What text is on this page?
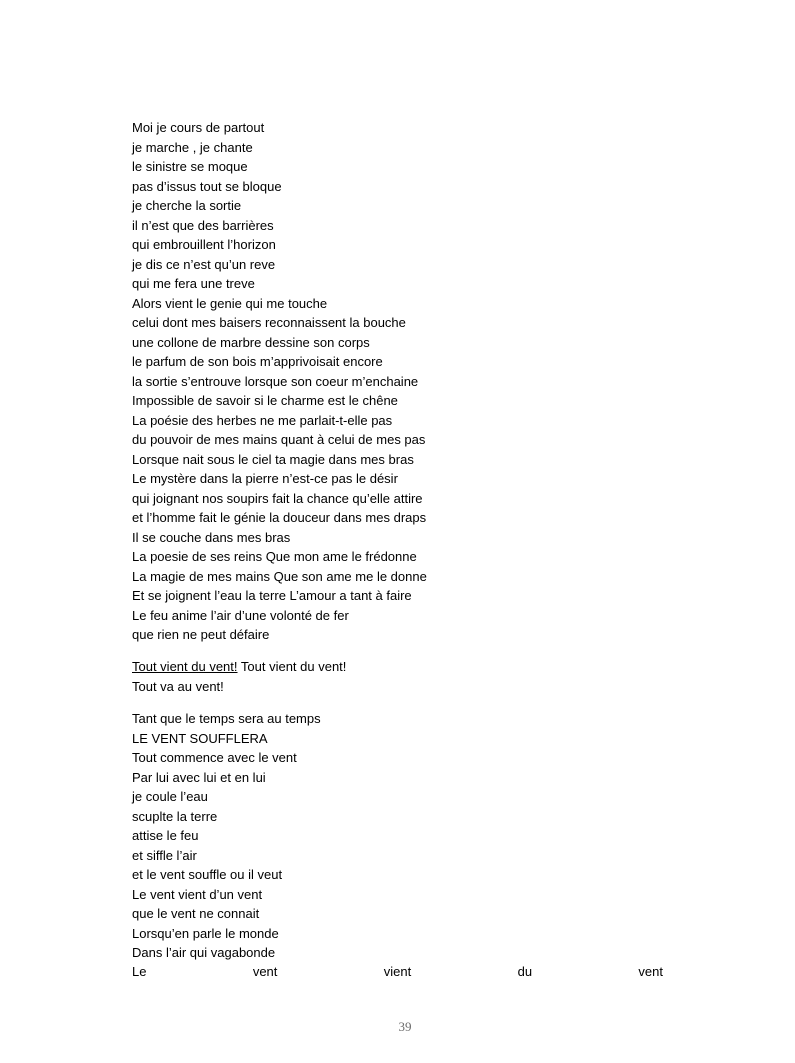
Moi je cours de partout
je marche , je chante
le sinistre se moque
pas d’issus tout se bloque
je cherche la sortie
il n’est que des barrières
qui embrouillent l’horizon
je dis ce n’est qu’un reve
qui me fera une treve
Alors vient le genie qui me touche
celui dont mes baisers reconnaissent la bouche
une collone de marbre dessine son corps
le parfum de son bois m’apprivoisait encore
la sortie s’entrouve lorsque son coeur m’enchaine
Impossible de savoir si le charme est le chêne
La poésie des herbes ne me parlait-t-elle pas
du pouvoir de mes mains quant à celui de mes pas
Lorsque nait sous le ciel ta magie dans mes bras
Le mystère dans la pierre n’est-ce pas le désir
qui joignant nos soupirs fait la chance qu’elle attire
et l’homme fait le génie la douceur dans mes draps
Il se couche dans mes bras
La poesie de ses reins Que mon ame le frédonne
La magie de mes mains Que son ame me le donne
Et se joignent l’eau la terre L’amour a tant à faire
Le feu anime l’air d’une volonté de fer
que rien ne peut défaire
Tout vient du vent! Tout vient du vent!
Tout va au vent!
Tant que le temps sera au temps
LE VENT SOUFFLERA
Tout commence avec le vent
Par lui avec lui et en lui
je coule l’eau
scuplte la terre
attise le feu
et siffle l’air
et le vent souffle ou il veut
Le vent vient d’un vent
que le vent ne connait
Lorsqu’en parle le monde
Dans l’air qui vagabonde
Le	vent	vient	du	vent
39
